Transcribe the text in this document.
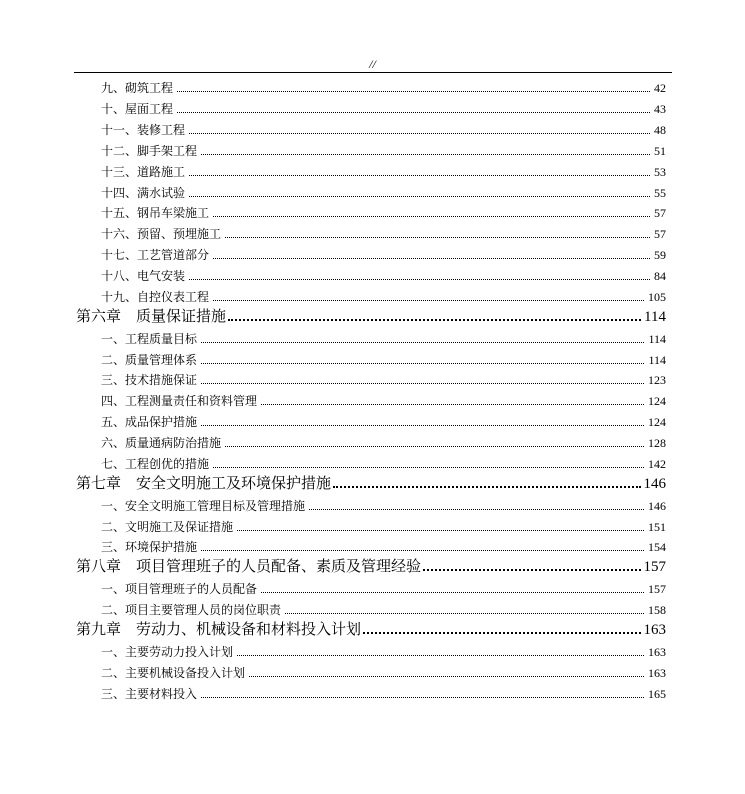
//
九、砌筑工程	42
十、屋面工程	43
十一、装修工程	48
十二、脚手架工程	51
十三、道路施工	53
十四、满水试验	55
十五、钢吊车梁施工	57
十六、预留、预埋施工	57
十七、工艺管道部分	59
十八、电气安装	84
十九、自控仪表工程	105
第六章　质量保证措施	114
一、工程质量目标	114
二、质量管理体系	114
三、技术措施保证	123
四、工程测量责任和资料管理	124
五、成品保护措施	124
六、质量通病防治措施	128
七、工程创优的措施	142
第七章　安全文明施工及环境保护措施	146
一、安全文明施工管理目标及管理措施	146
二、文明施工及保证措施	151
三、环境保护措施	154
第八章　项目管理班子的人员配备、素质及管理经验	157
一、项目管理班子的人员配备	157
二、项目主要管理人员的岗位职责	158
第九章　劳动力、机械设备和材料投入计划	163
一、主要劳动力投入计划	163
二、主要机械设备投入计划	163
三、主要材料投入	165
